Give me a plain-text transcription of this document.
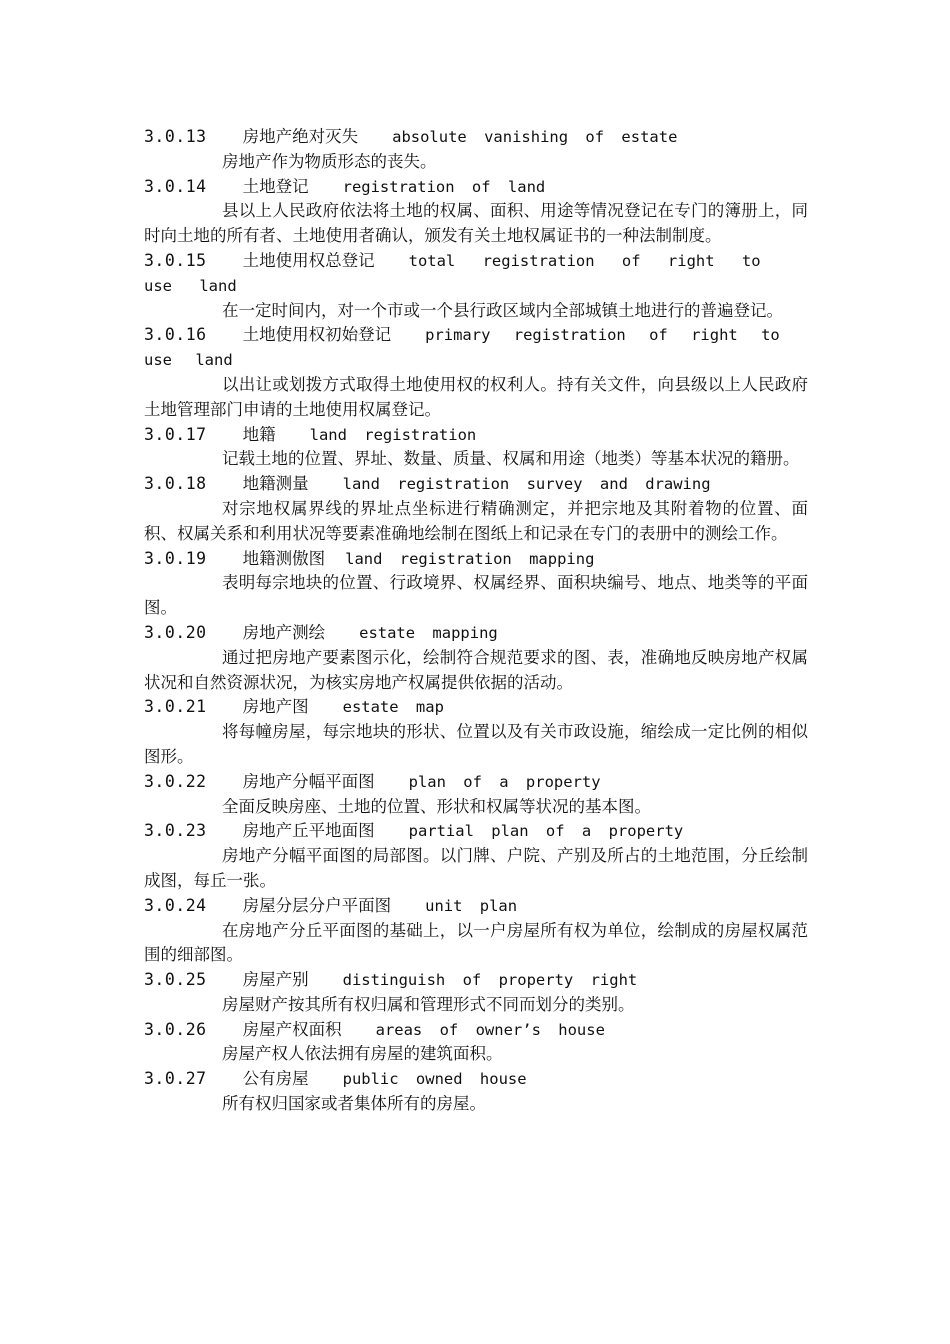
3.0.13 房地产绝对灭失 absolute vanishing of estate

房地产作为物质形态的丧失。

3.0.14 土地登记 registration of land

县以上人民政府依法将土地的权属、面积、用途等情况登记在专门的簿册上，同时向土地的所有者、土地使用者确认，颁发有关土地权属证书的一种法制制度。

3.0.15 土地使用权总登记 total registration of right to use land

在一定时间内，对一个市或一个县行政区域内全部城镇土地进行的普遍登记。

3.0.16 土地使用权初始登记 primary registration of right to use land

以出让或划拨方式取得土地使用权的权利人。持有关文件，向县级以上人民政府土地管理部门申请的土地使用权属登记。

3.0.17 地籍 land registration

记载土地的位置、界址、数量、质量、权属和用途（地类）等基本状况的籍册。

3.0.18 地籍测量 land registration survey and drawing

对宗地权属界线的界址点坐标进行精确测定，并把宗地及其附着物的位置、面积、权属关系和利用状况等要素准确地绘制在图纸上和记录在专门的表册中的测绘工作。

3.0.19 地籍测傲图 land registration mapping

表明每宗地块的位置、行政境界、权属经界、面积块编号、地点、地类等的平面图。

3.0.20 房地产测绘 estate mapping

通过把房地产要素图示化，绘制符合规范要求的图、表，准确地反映房地产权属状况和自然资源状况，为核实房地产权属提供依据的活动。

3.0.21 房地产图 estate map

将每幢房屋，每宗地块的形状、位置以及有关市政设施，缩绘成一定比例的相似图形。

3.0.22 房地产分幅平面图 plan of a property

全面反映房座、土地的位置、形状和权属等状况的基本图。

3.0.23 房地产丘平地面图 partial plan of a property

房地产分幅平面图的局部图。以门牌、户院、产别及所占的土地范围，分丘绘制成图，每丘一张。

3.0.24 房屋分层分户平面图 unit plan

在房地产分丘平面图的基础上，以一户房屋所有权为单位，绘制成的房屋权属范围的细部图。

3.0.25 房屋产别 distinguish of property right

房屋财产按其所有权归属和管理形式不同而划分的类别。

3.0.26 房屋产权面积 areas of owner’s house

房屋产权人依法拥有房屋的建筑面积。

3.0.27 公有房屋 public owned house

所有权归国家或者集体所有的房屋。
